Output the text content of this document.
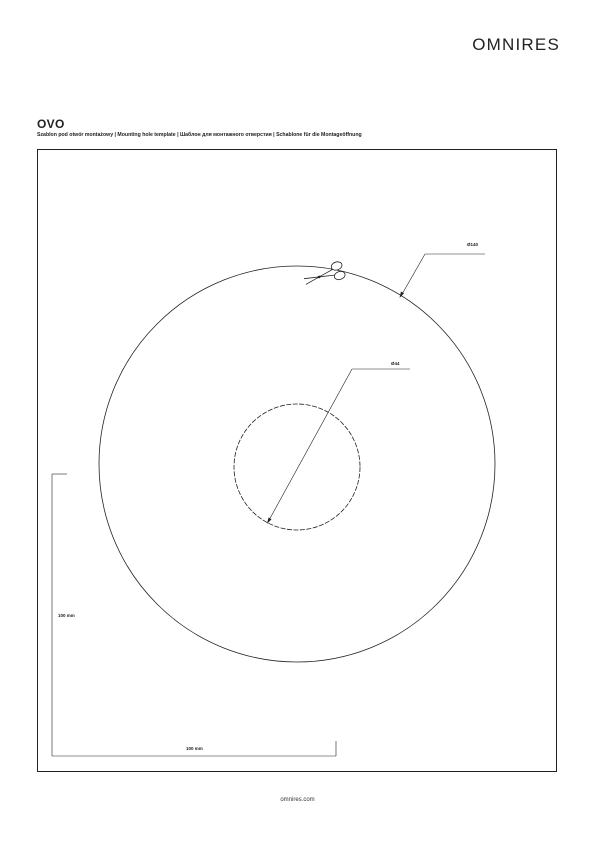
OMNIRES
OVO
Szablon pod otwór montażowy | Mounting hole template | Шаблон для монтажного отверстия | Schablone für die Montageöffnung
Ø140
Ø44
100 mm
100 mm
omnires.com
